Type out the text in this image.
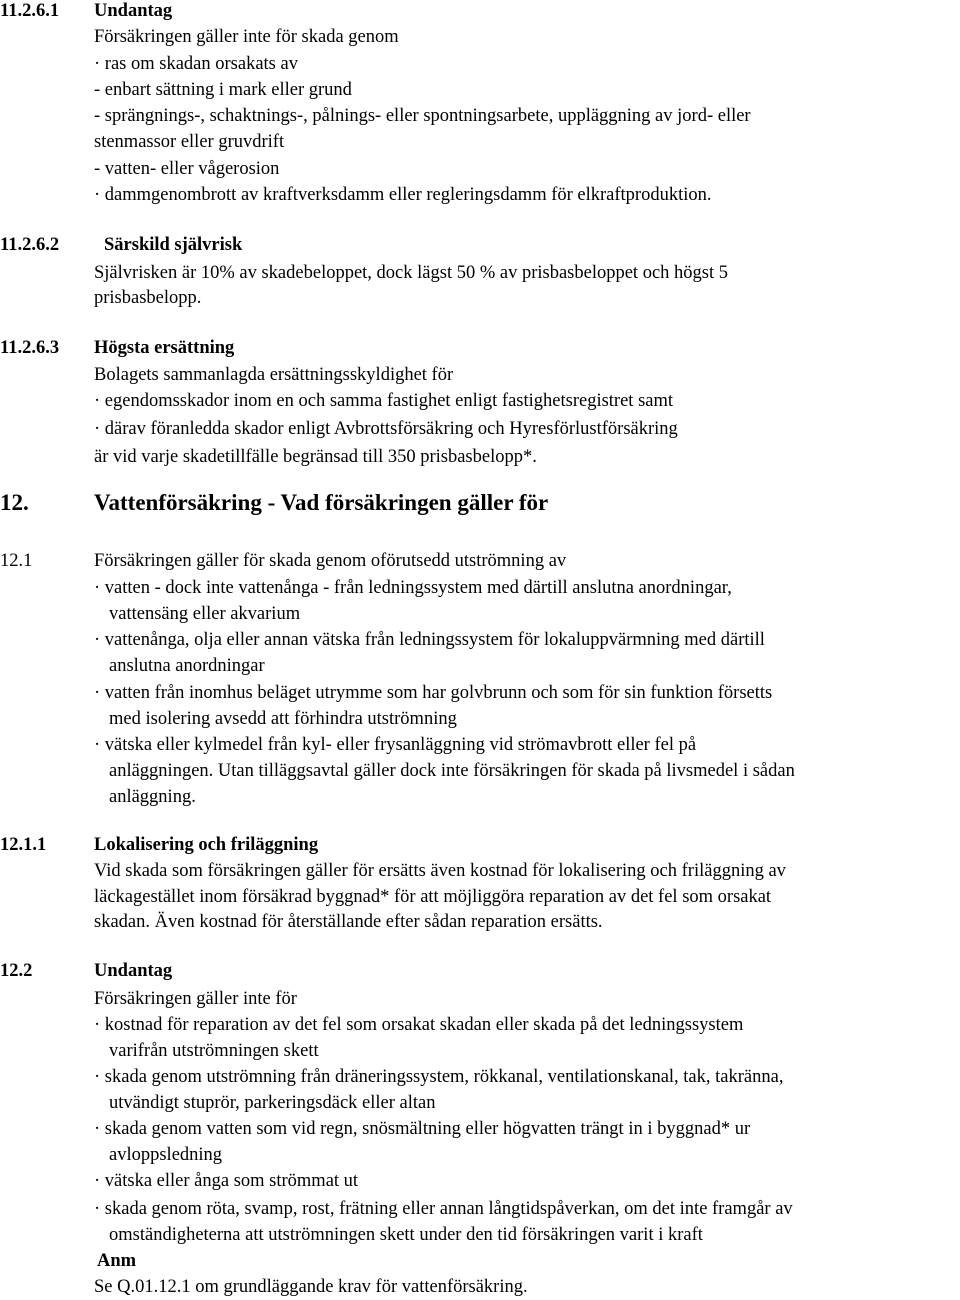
11.2.6.1 Undantag
Försäkringen gäller inte för skada genom
· ras om skadan orsakats av
- enbart sättning i mark eller grund
- sprängnings-, schaktnings-, pålnings- eller spontningsarbete, uppläggning av jord- eller
stenmassor eller gruvdrift
- vatten- eller vågerosion
· dammgenombrott av kraftverksdamm eller regleringsdamm för elkraftproduktion.
11.2.6.2 Särskild självrisk
Självrisken är 10% av skadebeloppet, dock lägst 50 % av prisbasbeloppet och högst 5
prisbasbelopp.
11.2.6.3 Högsta ersättning
Bolagets sammanlagda ersättningsskyldighet för
· egendomsskador inom en och samma fastighet enligt fastighetsregistret samt
· därav föranledda skador enligt Avbrottsförsäkring och Hyresförlustförsäkring
är vid varje skadetillfälle begränsad till 350 prisbasbelopp*.
12.	Vattenförsäkring - Vad försäkringen gäller för
12.1	Försäkringen gäller för skada genom oförutsedd utströmning av
· vatten - dock inte vattenånga - från ledningssystem med därtill anslutna anordningar,
vattensäng eller akvarium
· vattenånga, olja eller annan vätska från ledningssystem för lokaluppvärmning med därtill
anslutna anordningar
· vatten från inomhus beläget utrymme som har golvbrunn och som för sin funktion försetts
med isolering avsedd att förhindra utströmning
· vätska eller kylmedel från kyl- eller frysanläggning vid strömavbrott eller fel på
anläggningen. Utan tilläggsavtal gäller dock inte försäkringen för skada på livsmedel i sådan
anläggning.
12.1.1	Lokalisering och friläggning
Vid skada som försäkringen gäller för ersätts även kostnad för lokalisering och friläggning av
läckagestället inom försäkrad byggnad* för att möjliggöra reparation av det fel som orsakat
skadan. Även kostnad för återställande efter sådan reparation ersätts.
12.2	Undantag
Försäkringen gäller inte för
· kostnad för reparation av det fel som orsakat skadan eller skada på det ledningssystem
varifrån utströmningen skett
· skada genom utströmning från dräneringssystem, rökkanal, ventilationskanal, tak, takränna,
utvändigt stuprör, parkeringsdäck eller altan
· skada genom vatten som vid regn, snösmältning eller högvatten trängt in i byggnad* ur
avloppsledning
· vätska eller ånga som strömmat ut
· skada genom röta, svamp, rost, frätning eller annan långtidspåverkan, om det inte framgår av
omständigheterna att utströmningen skett under den tid försäkringen varit i kraft
Anm
Se Q.01.12.1 om grundläggande krav för vattenförsäkring.
